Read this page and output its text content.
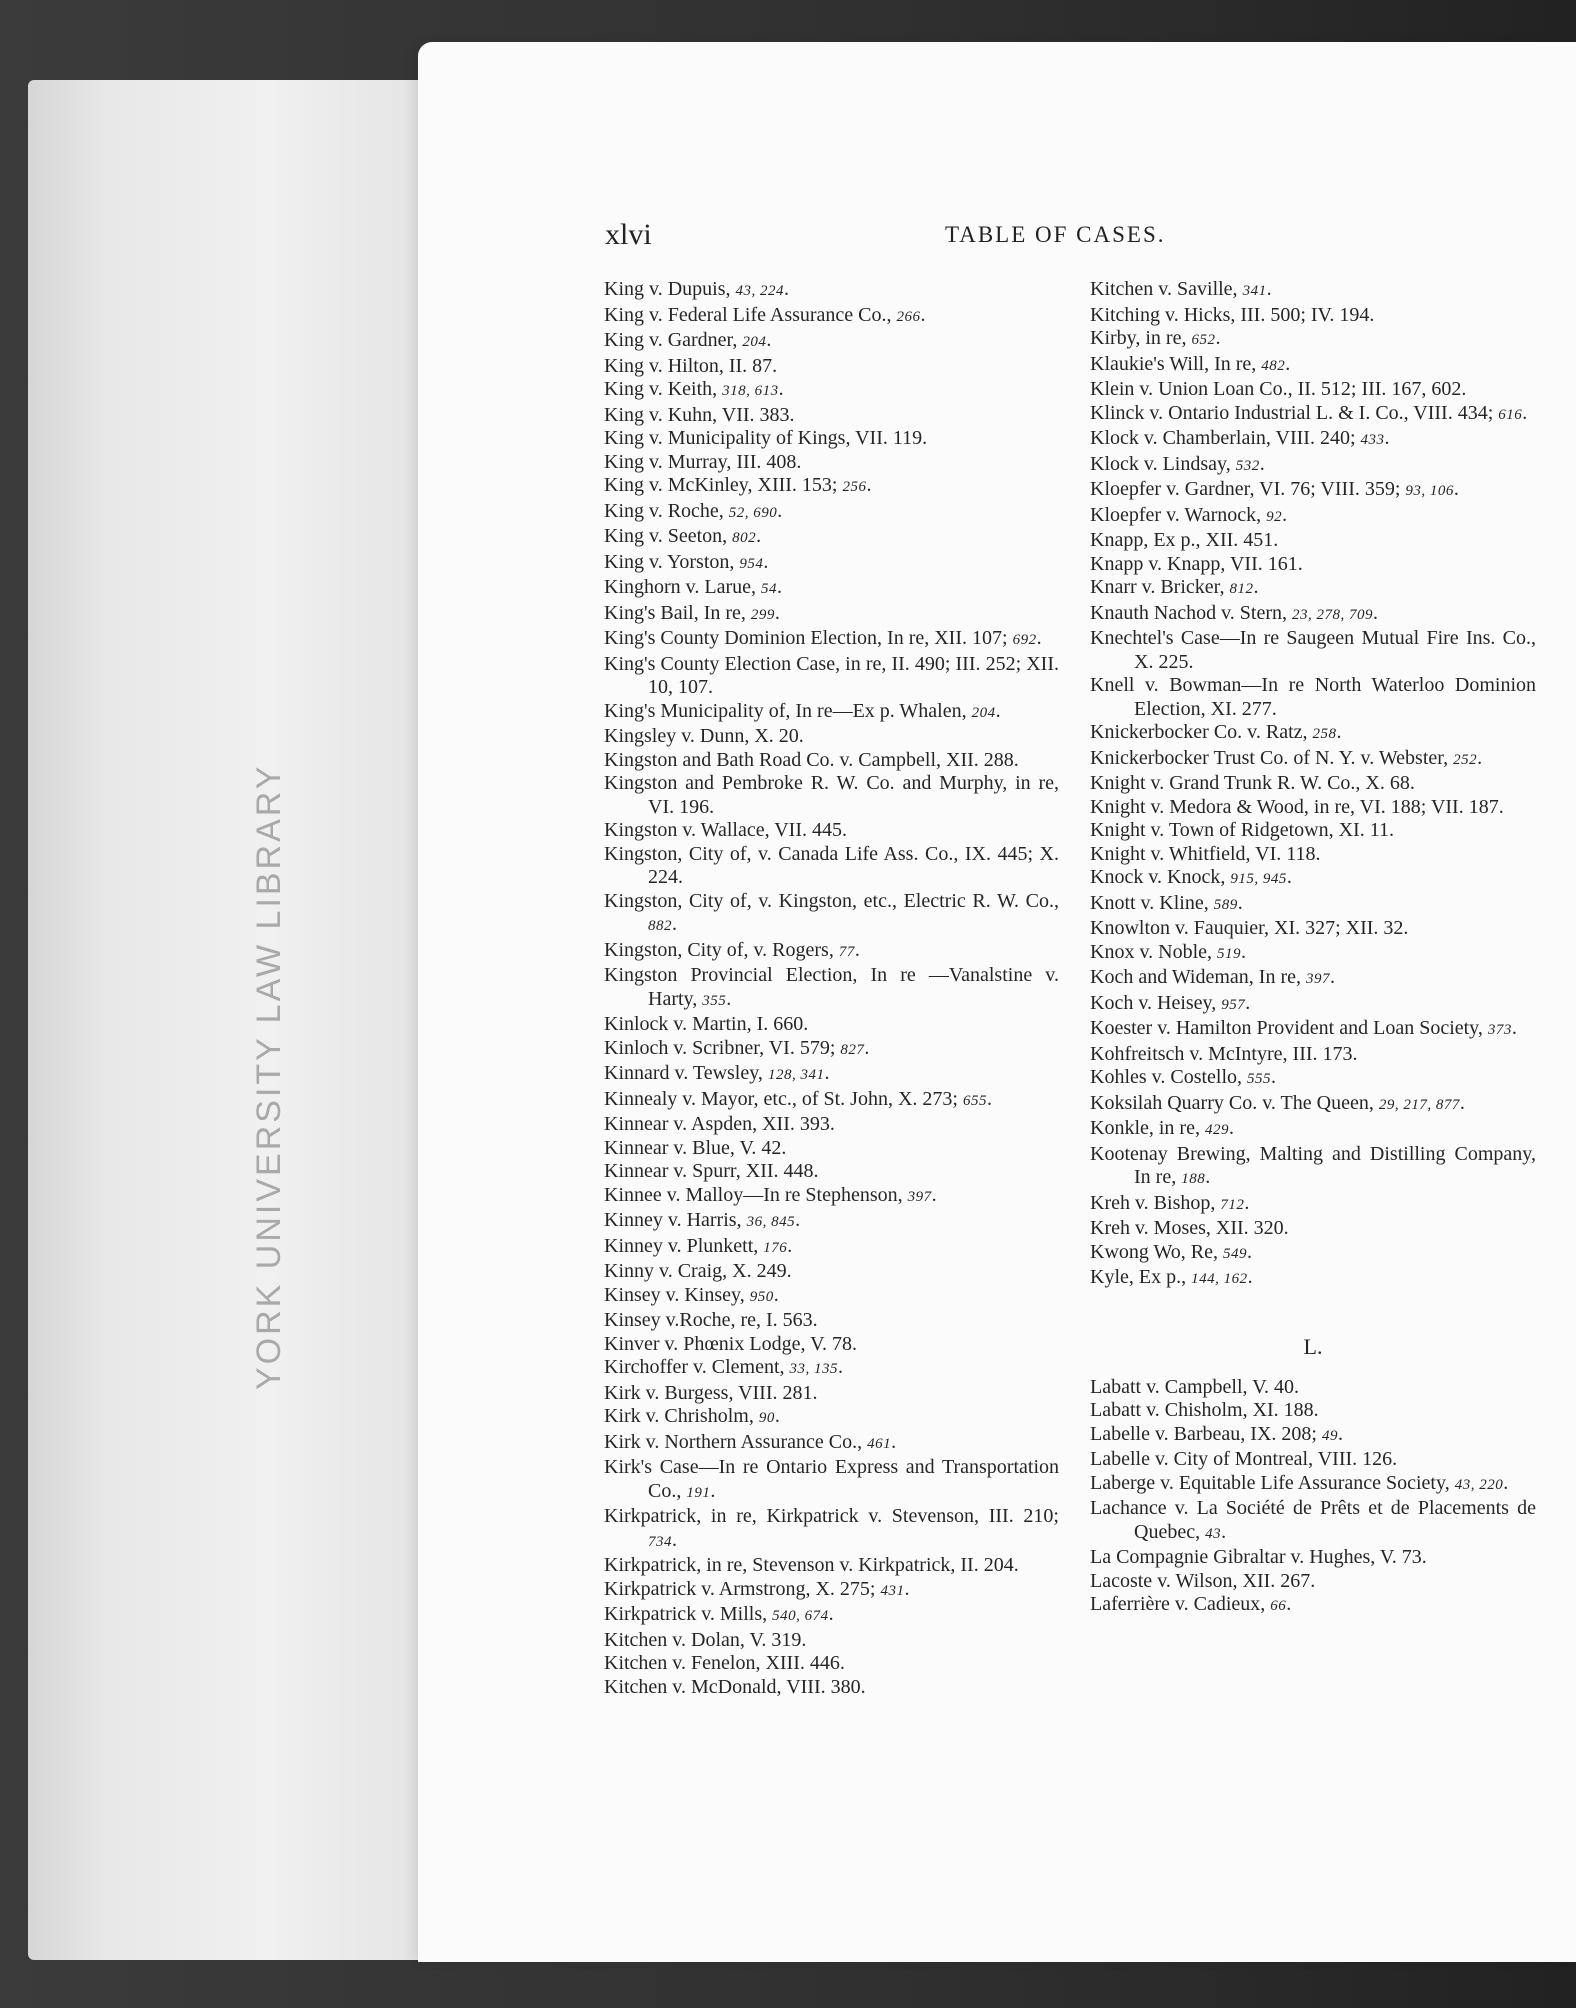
YORK UNIVERSITY LAW LIBRARY
xlvi	TABLE OF CASES.
King v. Dupuis, 43, 224.
King v. Federal Life Assurance Co., 266.
King v. Gardner, 204.
King v. Hilton, II. 87.
King v. Keith, 318, 613.
King v. Kuhn, VII. 383.
King v. Municipality of Kings, VII. 119.
King v. Murray, III. 408.
King v. McKinley, XIII. 153; 256.
King v. Roche, 52, 690.
King v. Seeton, 802.
King v. Yorston, 954.
Kinghorn v. Larue, 54.
King's Bail, In re, 299.
King's County Dominion Election, In re, XII. 107; 692.
King's County Election Case, in re, II. 490; III. 252; XII. 10, 107.
King's Municipality of, In re—Ex p. Whalen, 204.
Kingsley v. Dunn, X. 20.
Kingston and Bath Road Co. v. Campbell, XII. 288.
Kingston and Pembroke R. W. Co. and Murphy, in re, VI. 196.
Kingston v. Wallace, VII. 445.
Kingston, City of, v. Canada Life Ass. Co., IX. 445; X. 224.
Kingston, City of, v. Kingston, etc., Electric R. W. Co., 882.
Kingston, City of, v. Rogers, 77.
Kingston Provincial Election, In re —Vanalstine v. Harty, 355.
Kinlock v. Martin, I. 660.
Kinloch v. Scribner, VI. 579; 827.
Kinnard v. Tewsley, 128, 341.
Kinnealy v. Mayor, etc., of St. John, X. 273; 655.
Kinnear v. Aspden, XII. 393.
Kinnear v. Blue, V. 42.
Kinnear v. Spurr, XII. 448.
Kinnee v. Malloy—In re Stephenson, 397.
Kinney v. Harris, 36, 845.
Kinney v. Plunkett, 176.
Kinny v. Craig, X. 249.
Kinsey v. Kinsey, 950.
Kinsey v.Roche, re, I. 563.
Kinver v. Phœnix Lodge, V. 78.
Kirchoffer v. Clement, 33, 135.
Kirk v. Burgess, VIII. 281.
Kirk v. Chrisholm, 90.
Kirk v. Northern Assurance Co., 461.
Kirk's Case—In re Ontario Express and Transportation Co., 191.
Kirkpatrick, in re, Kirkpatrick v. Stevenson, III. 210; 734.
Kirkpatrick, in re, Stevenson v. Kirkpatrick, II. 204.
Kirkpatrick v. Armstrong, X. 275; 431.
Kirkpatrick v. Mills, 540, 674.
Kitchen v. Dolan, V. 319.
Kitchen v. Fenelon, XIII. 446.
Kitchen v. McDonald, VIII. 380.
Kitchen v. Saville, 341.
Kitching v. Hicks, III. 500; IV. 194.
Kirby, in re, 652.
Klaukie's Will, In re, 482.
Klein v. Union Loan Co., II. 512; III. 167, 602.
Klinck v. Ontario Industrial L. & I. Co., VIII. 434; 616.
Klock v. Chamberlain, VIII. 240; 433.
Klock v. Lindsay, 532.
Kloepfer v. Gardner, VI. 76; VIII. 359; 93, 106.
Kloepfer v. Warnock, 92.
Knapp, Ex p., XII. 451.
Knapp v. Knapp, VII. 161.
Knarr v. Bricker, 812.
Knauth Nachod v. Stern, 23, 278, 709.
Knechtel's Case—In re Saugeen Mutual Fire Ins. Co., X. 225.
Knell v. Bowman—In re North Waterloo Dominion Election, XI. 277.
Knickerbocker Co. v. Ratz, 258.
Knickerbocker Trust Co. of N. Y. v. Webster, 252.
Knight v. Grand Trunk R. W. Co., X. 68.
Knight v. Medora & Wood, in re, VI. 188; VII. 187.
Knight v. Town of Ridgetown, XI. 11.
Knight v. Whitfield, VI. 118.
Knock v. Knock, 915, 945.
Knott v. Kline, 589.
Knowlton v. Fauquier, XI. 327; XII. 32.
Knox v. Noble, 519.
Koch and Wideman, In re, 397.
Koch v. Heisey, 957.
Koester v. Hamilton Provident and Loan Society, 373.
Kohfreitsch v. McIntyre, III. 173.
Kohles v. Costello, 555.
Koksilah Quarry Co. v. The Queen, 29, 217, 877.
Konkle, in re, 429.
Kootenay Brewing, Malting and Distilling Company, In re, 188.
Kreh v. Bishop, 712.
Kreh v. Moses, XII. 320.
Kwong Wo, Re, 549.
Kyle, Ex p., 144, 162.
L.
Labatt v. Campbell, V. 40.
Labatt v. Chisholm, XI. 188.
Labelle v. Barbeau, IX. 208; 49.
Labelle v. City of Montreal, VIII. 126.
Laberge v. Equitable Life Assurance Society, 43, 220.
Lachance v. La Société de Prêts et de Placements de Quebec, 43.
La Compagnie Gibraltar v. Hughes, V. 73.
Lacoste v. Wilson, XII. 267.
Laferrière v. Cadieux, 66.
